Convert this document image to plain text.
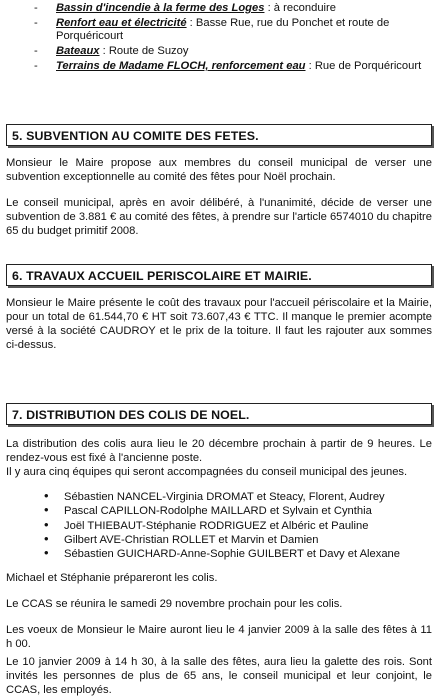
- Bassin d'incendie à la ferme des Loges : à reconduire
- Renfort eau et électricité : Basse Rue, rue du Ponchet et route de Porquéricourt
- Bateaux : Route de Suzoy
- Terrains de Madame FLOCH, renforcement eau : Rue de Porquéricourt
5. SUBVENTION AU COMITE DES FETES.

Monsieur le Maire propose aux membres du conseil municipal de verser une subvention exceptionnelle au comité des fêtes pour Noël prochain.

Le conseil municipal, après en avoir délibéré, à l'unanimité, décide de verser une subvention de 3.881 € au comité des fêtes, à prendre sur l'article 6574010 du chapitre 65 du budget primitif 2008.

6. TRAVAUX ACCUEIL PERISCOLAIRE ET MAIRIE.

Monsieur le Maire présente le coût des travaux pour l'accueil périscolaire et la Mairie, pour un total de 61.544,70 € HT soit 73.607,43 € TTC. Il manque le premier acompte versé à la société CAUDROY et le prix de la toiture. Il faut les rajouter aux sommes ci-dessus.

7. DISTRIBUTION DES COLIS DE NOEL.

La distribution des colis aura lieu le 20 décembre prochain à partir de 9 heures. Le rendez-vous est fixé à l'ancienne poste.

Il y aura cinq équipes qui seront accompagnées du conseil municipal des jeunes.

• Sébastien NANCEL-Virginia DROMAT et Steacy, Florent, Audrey
• Pascal CAPILLON-Rodolphe MAILLARD et Sylvain et Cynthia
• Joël THIEBAUT-Stéphanie RODRIGUEZ et Albéric et Pauline
• Gilbert AVE-Christian ROLLET et Marvin et Damien
• Sébastien GUICHARD-Anne-Sophie GUILBERT et Davy et Alexane

Michael et Stéphanie prépareront les colis.

Le CCAS se réunira le samedi 29 novembre prochain pour les colis.

Les voeux de Monsieur le Maire auront lieu le 4 janvier 2009 à la salle des fêtes à 11 h 00.

Le 10 janvier 2009 à 14 h 30, à la salle des fêtes, aura lieu la galette des rois. Sont invités les personnes de plus de 65 ans, le conseil municipal et leur conjoint, le CCAS, les employés.
